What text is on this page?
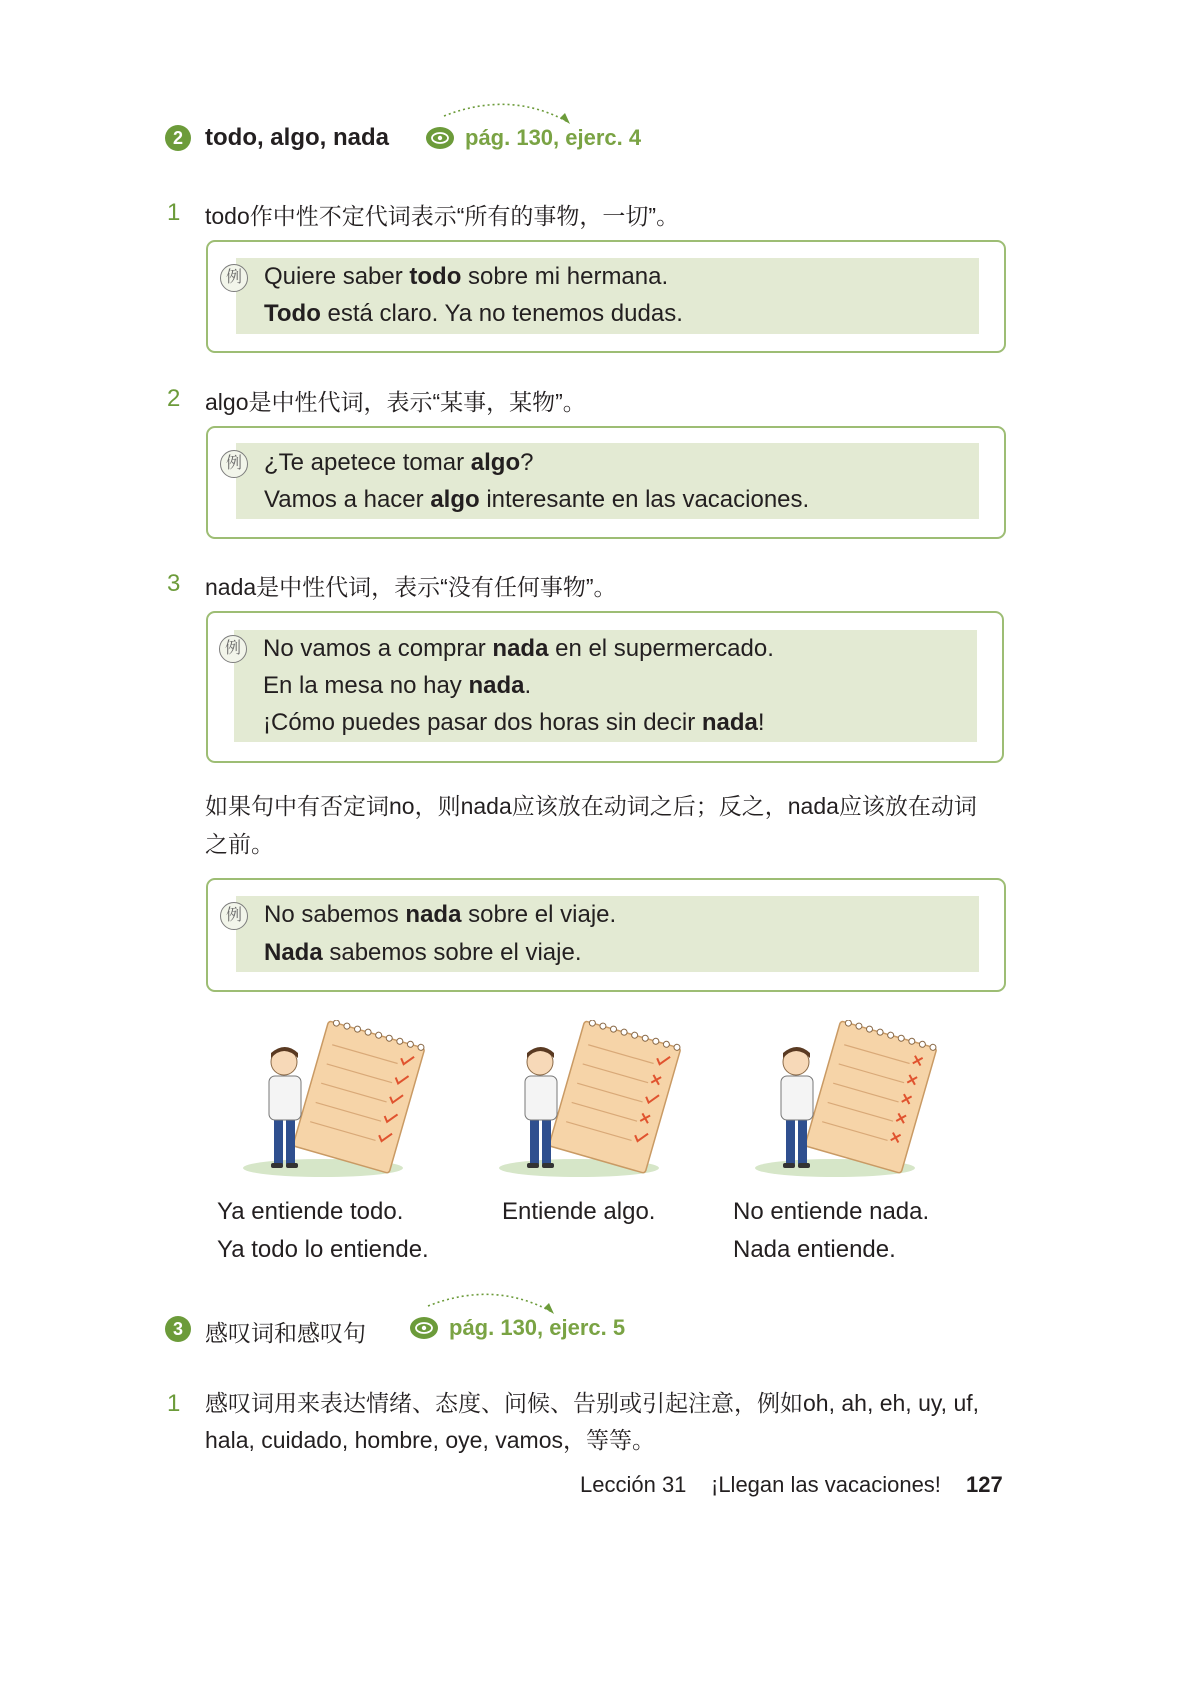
2 todo, algo, nada	pág. 130, ejerc. 4
1 todo作中性不定代词表示“所有的事物，一切”。
例 Quiere saber todo sobre mi hermana.
Todo está claro. Ya no tenemos dudas.
2 algo是中性代词，表示“某事，某物”。
例 ¿Te apetece tomar algo?
Vamos a hacer algo interesante en las vacaciones.
3 nada是中性代词，表示“没有任何事物”。
例 No vamos a comprar nada en el supermercado.
En la mesa no hay nada.
¡Cómo puedes pasar dos horas sin decir nada!
如果句中有否定词no，则nada应该放在动词之后；反之，nada应该放在动词
之前。
例 No sabemos nada sobre el viaje.
Nada sabemos sobre el viaje.
Ya entiende todo.
Ya todo lo entiende.
Entiende algo.	No entiende nada.
Nada entiende.
3 感叹词和感叹句	pág. 130, ejerc. 5
1 感叹词用来表达情绪、态度、问候、告别或引起注意，例如oh, ah, eh, uy, uf,
hala, cuidado, hombre, oye, vamos，等等。
Lección 31 ¡Llegan las vacaciones! 127
